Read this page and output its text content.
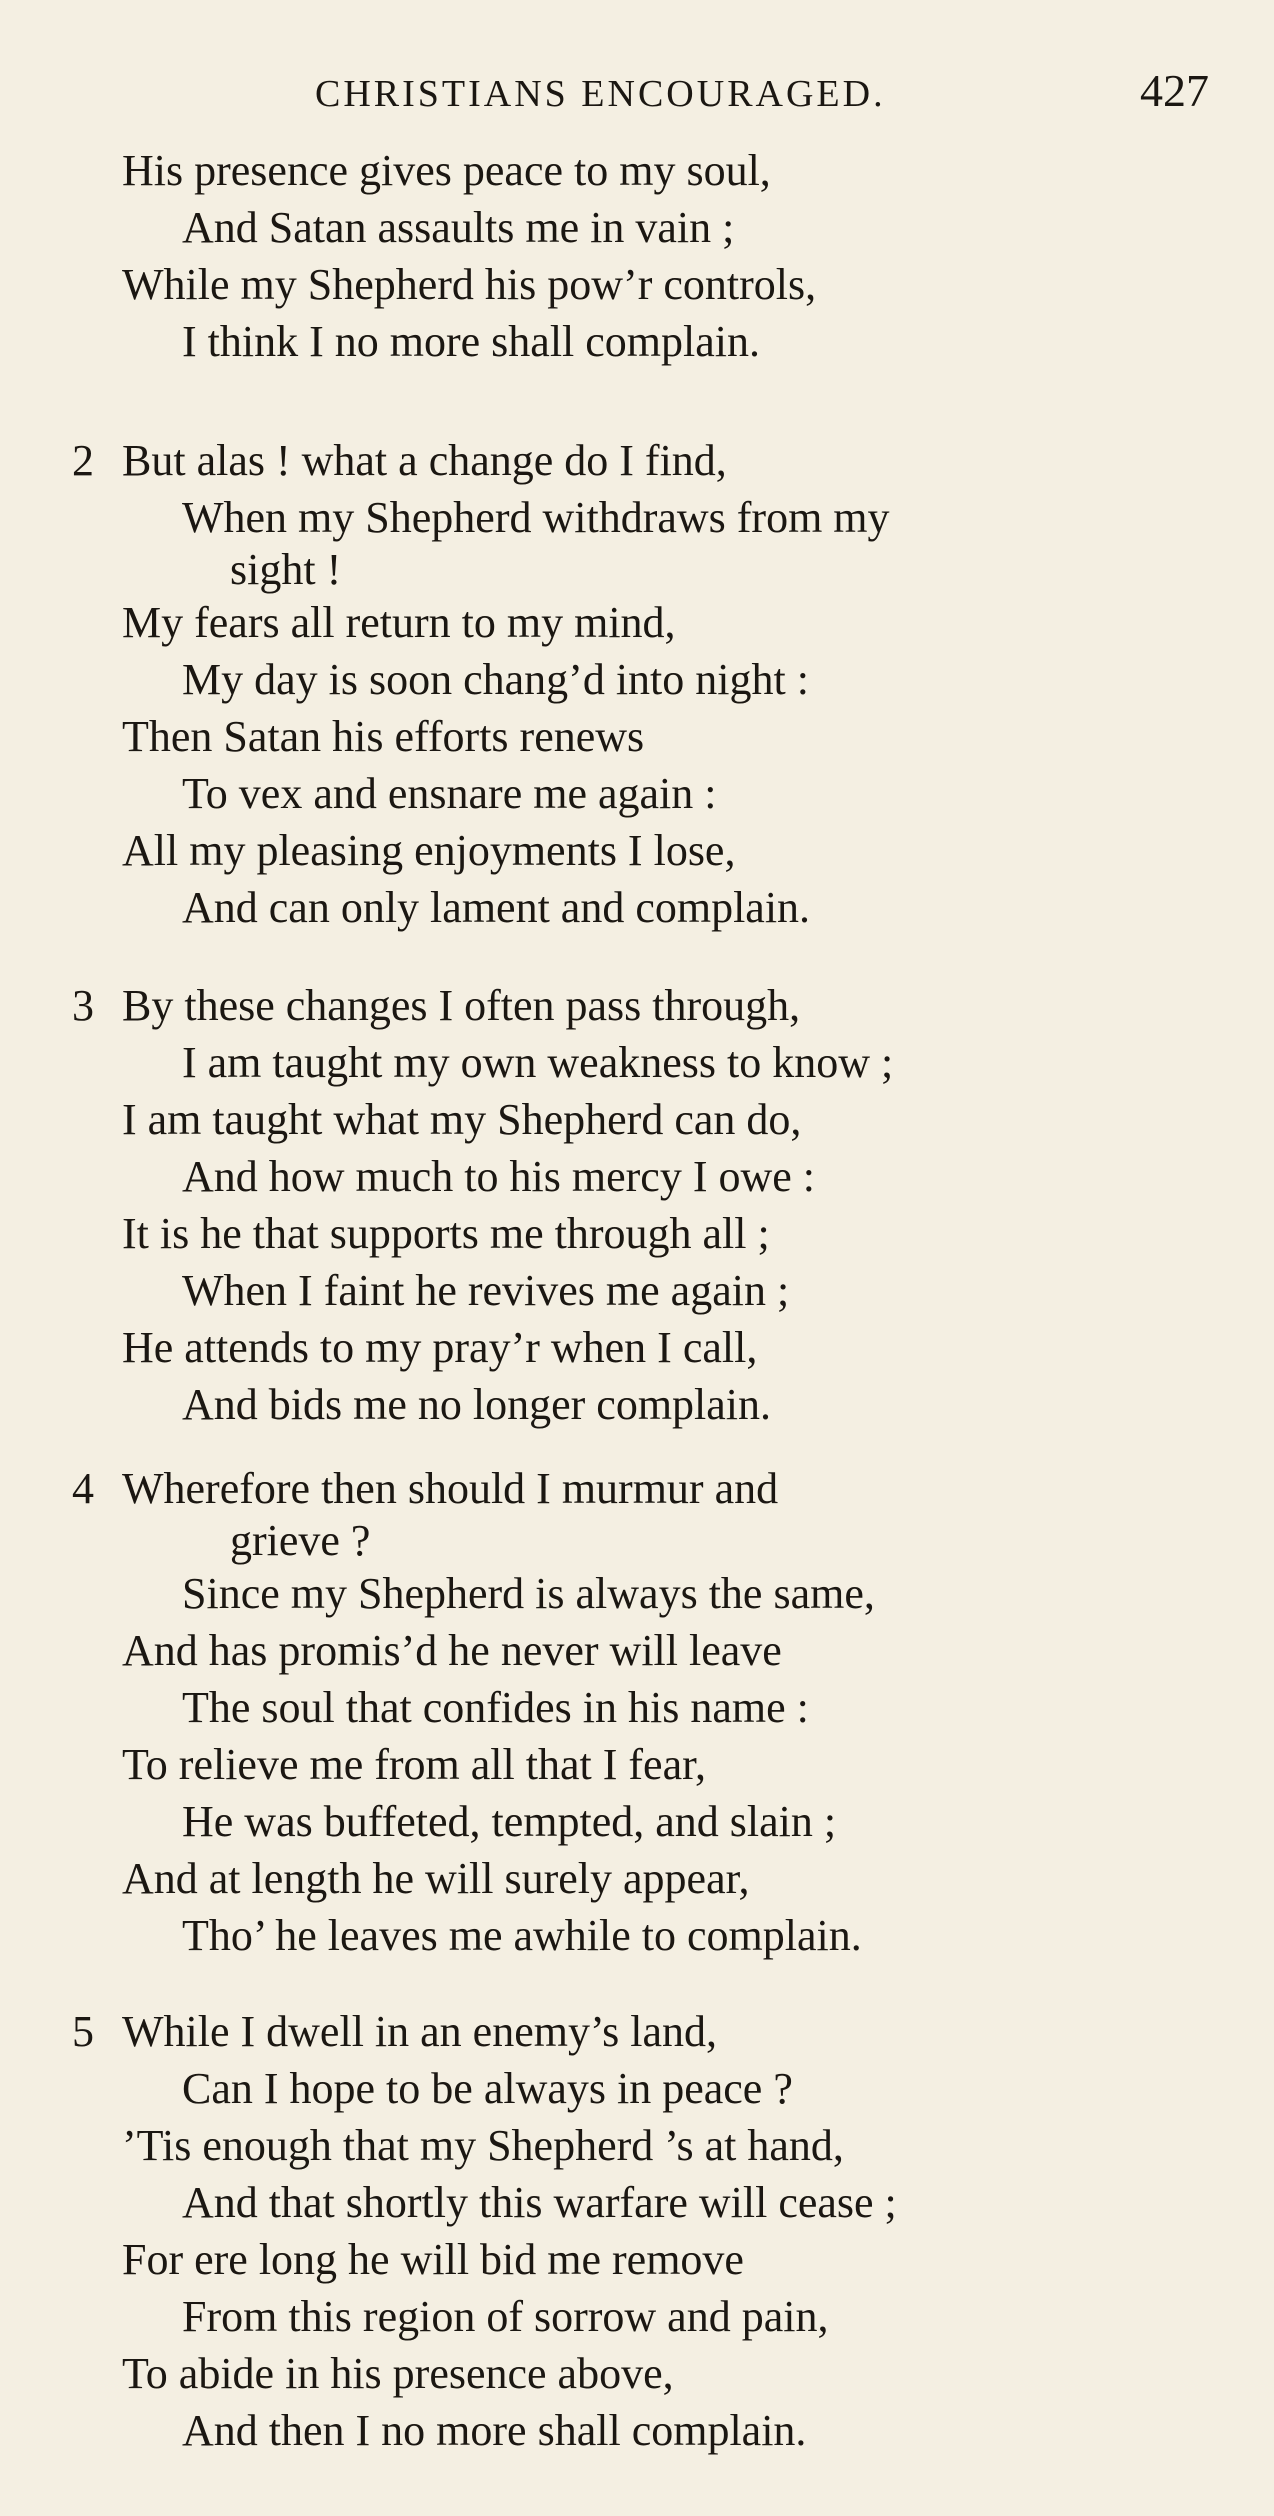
CHRISTIANS ENCOURAGED.	427
His presence gives peace to my soul,
And Satan assaults me in vain ;
While my Shepherd his pow’r controls,
I think I no more shall complain.
2 But alas ! what a change do I find,
When my Shepherd withdraws from my
sight !
My fears all return to my mind,
My day is soon chang’d into night :
Then Satan his efforts renews
To vex and ensnare me again :
All my pleasing enjoyments I lose,
And can only lament and complain.
3 By these changes I often pass through,
I am taught my own weakness to know ;
I am taught what my Shepherd can do,
And how much to his mercy I owe :
It is he that supports me through all ;
When I faint he revives me again ;
He attends to my pray’r when I call,
And bids me no longer complain.
4 Wherefore then should I murmur and
grieve ?
Since my Shepherd is always the same,
And has promis’d he never will leave
The soul that confides in his name :
To relieve me from all that I fear,
He was buffeted, tempted, and slain ;
And at length he will surely appear,
Tho’ he leaves me awhile to complain.
5 While I dwell in an enemy’s land,
Can I hope to be always in peace ?
’Tis enough that my Shepherd ’s at hand,
And that shortly this warfare will cease ;
For ere long he will bid me remove
From this region of sorrow and pain,
To abide in his presence above,
And then I no more shall complain.
